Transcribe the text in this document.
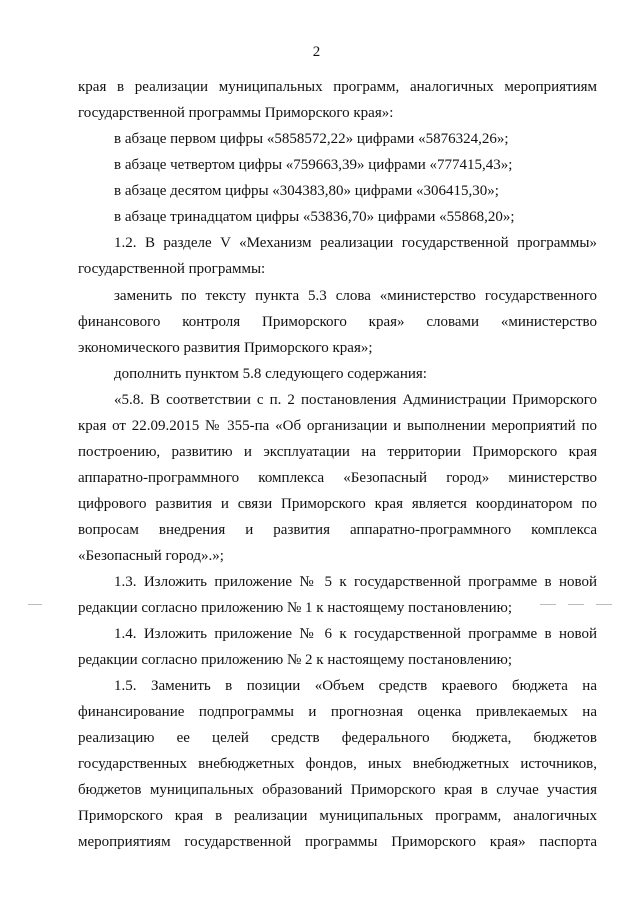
2
края в реализации муниципальных программ, аналогичных мероприятиям
государственной программы Приморского края»:
в абзаце первом цифры «5858572,22» цифрами «5876324,26»;
в абзаце четвертом цифры «759663,39» цифрами «777415,43»;
в абзаце десятом цифры «304383,80» цифрами «306415,30»;
в абзаце тринадцатом цифры «53836,70» цифрами «55868,20»;
1.2. В разделе V «Механизм реализации государственной программы»
государственной программы:
заменить по тексту пункта 5.3 слова «министерство государственного
финансового контроля Приморского края» словами «министерство
экономического развития Приморского края»;
дополнить пунктом 5.8 следующего содержания:
«5.8. В соответствии с п. 2 постановления Администрации Приморского
края от 22.09.2015 № 355-па «Об организации и выполнении мероприятий по
построению, развитию и эксплуатации на территории Приморского края
аппаратно-программного комплекса «Безопасный город» министерство
цифрового развития и связи Приморского края является координатором по
вопросам внедрения и развития аппаратно-программного комплекса
«Безопасный город».»;
1.3. Изложить приложение № 5 к государственной программе в новой
редакции согласно приложению № 1 к настоящему постановлению;
1.4. Изложить приложение № 6 к государственной программе в новой
редакции согласно приложению № 2 к настоящему постановлению;
1.5. Заменить в позиции «Объем средств краевого бюджета на
финансирование подпрограммы и прогнозная оценка привлекаемых на
реализацию ее целей средств федерального бюджета, бюджетов
государственных внебюджетных фондов, иных внебюджетных источников,
бюджетов муниципальных образований Приморского края в случае участия
Приморского края в реализации муниципальных программ, аналогичных
мероприятиям государственной программы Приморского края» паспорта
